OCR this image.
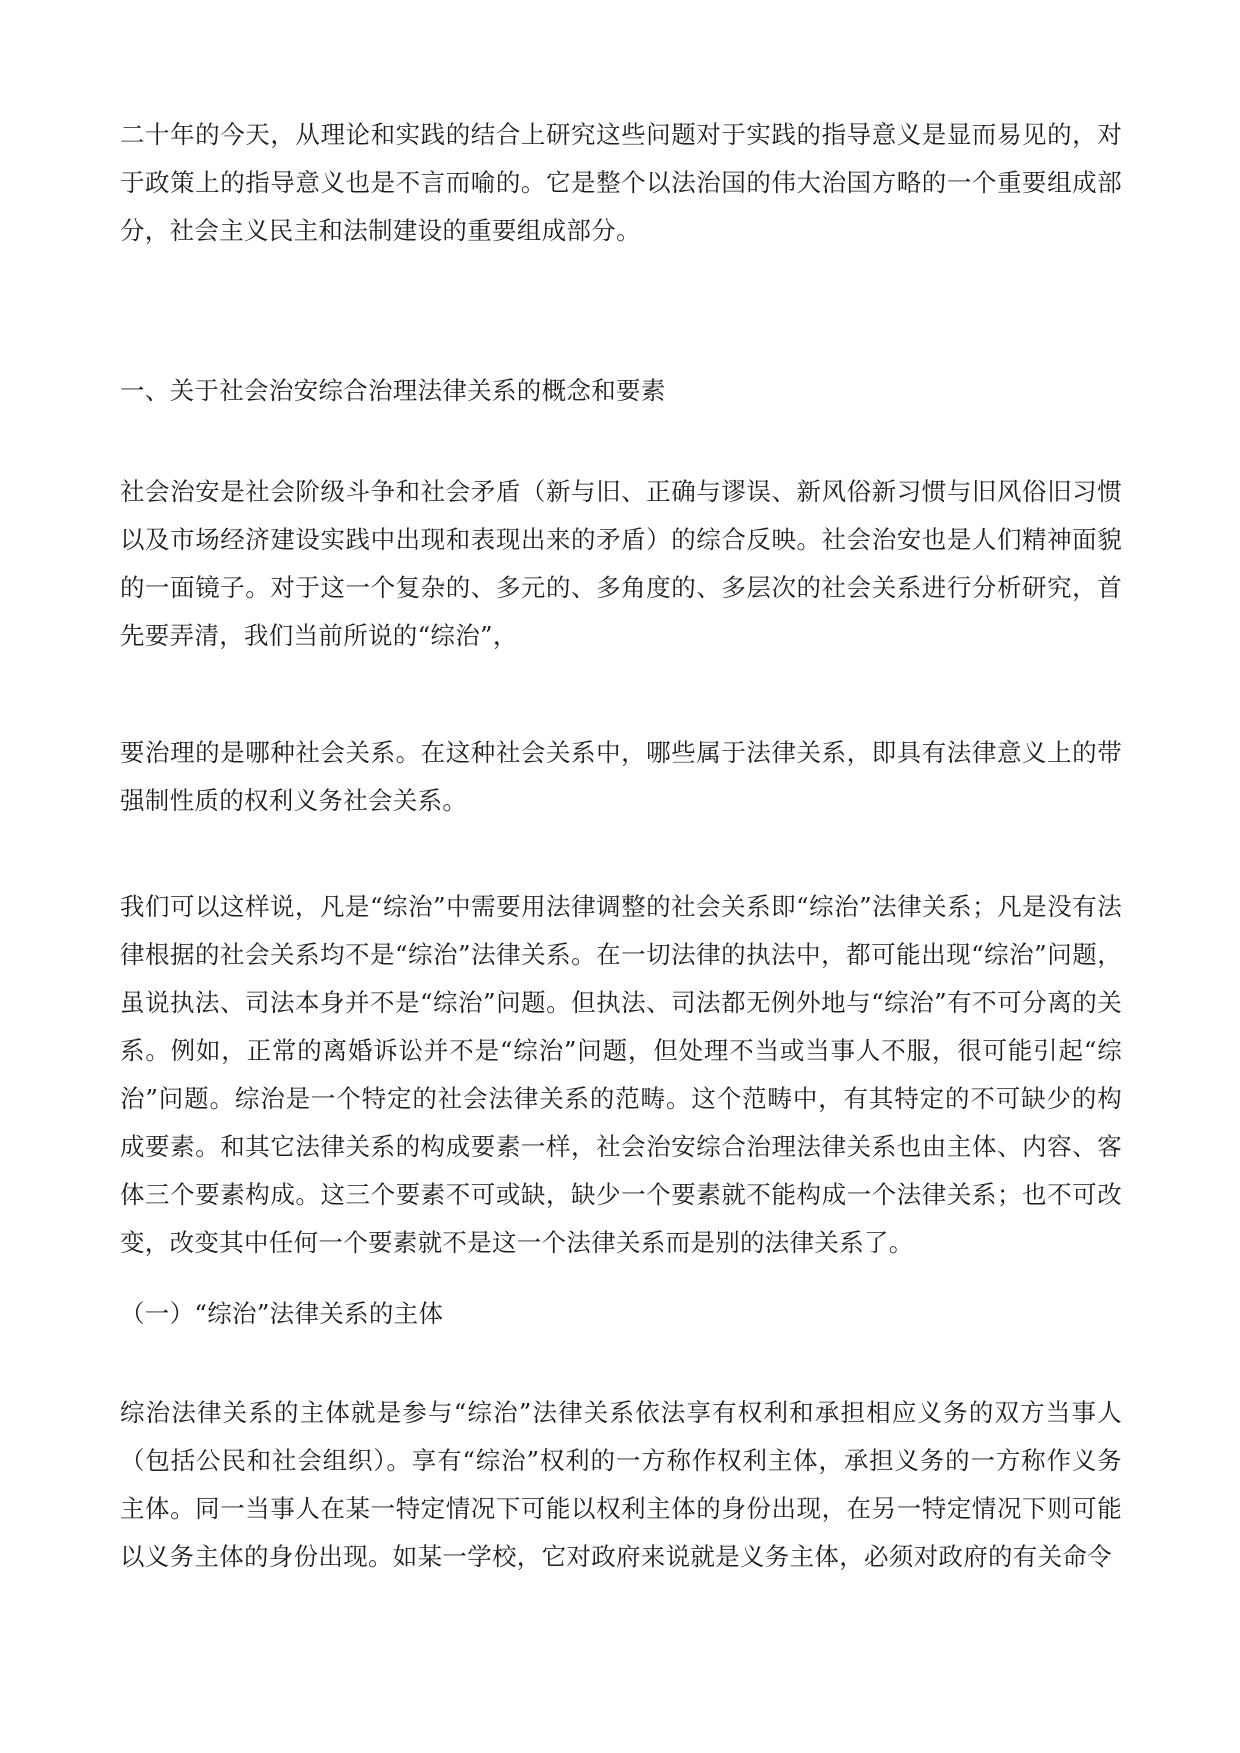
二十年的今天，从理论和实践的结合上研究这些问题对于实践的指导意义是显而易见的，对于政策上的指导意义也是不言而喻的。它是整个以法治国的伟大治国方略的一个重要组成部分，社会主义民主和法制建设的重要组成部分。

一、关于社会治安综合治理法律关系的概念和要素

社会治安是社会阶级斗争和社会矛盾（新与旧、正确与谬误、新风俗新习惯与旧风俗旧习惯以及市场经济建设实践中出现和表现出来的矛盾）的综合反映。社会治安也是人们精神面貌的一面镜子。对于这一个复杂的、多元的、多角度的、多层次的社会关系进行分析研究，首先要弄清，我们当前所说的“综治”，

要治理的是哪种社会关系。在这种社会关系中，哪些属于法律关系，即具有法律意义上的带强制性质的权利义务社会关系。

我们可以这样说，凡是“综治”中需要用法律调整的社会关系即“综治”法律关系；凡是没有法律根据的社会关系均不是“综治”法律关系。在一切法律的执法中，都可能出现“综治”问题，虽说执法、司法本身并不是“综治”问题。但执法、司法都无例外地与“综治”有不可分离的关系。例如，正常的离婚诉讼并不是“综治”问题，但处理不当或当事人不服，很可能引起“综治”问题。综治是一个特定的社会法律关系的范畴。这个范畴中，有其特定的不可缺少的构成要素。和其它法律关系的构成要素一样，社会治安综合治理法律关系也由主体、内容、客体三个要素构成。这三个要素不可或缺，缺少一个要素就不能构成一个法律关系；也不可改变，改变其中任何一个要素就不是这一个法律关系而是别的法律关系了。

（一）“综治”法律关系的主体

综治法律关系的主体就是参与“综治”法律关系依法享有权利和承担相应义务的双方当事人（包括公民和社会组织）。享有“综治”权利的一方称作权利主体，承担义务的一方称作义务主体。同一当事人在某一特定情况下可能以权利主体的身份出现，在另一特定情况下则可能以义务主体的身份出现。如某一学校，它对政府来说就是义务主体，必须对政府的有关命令
